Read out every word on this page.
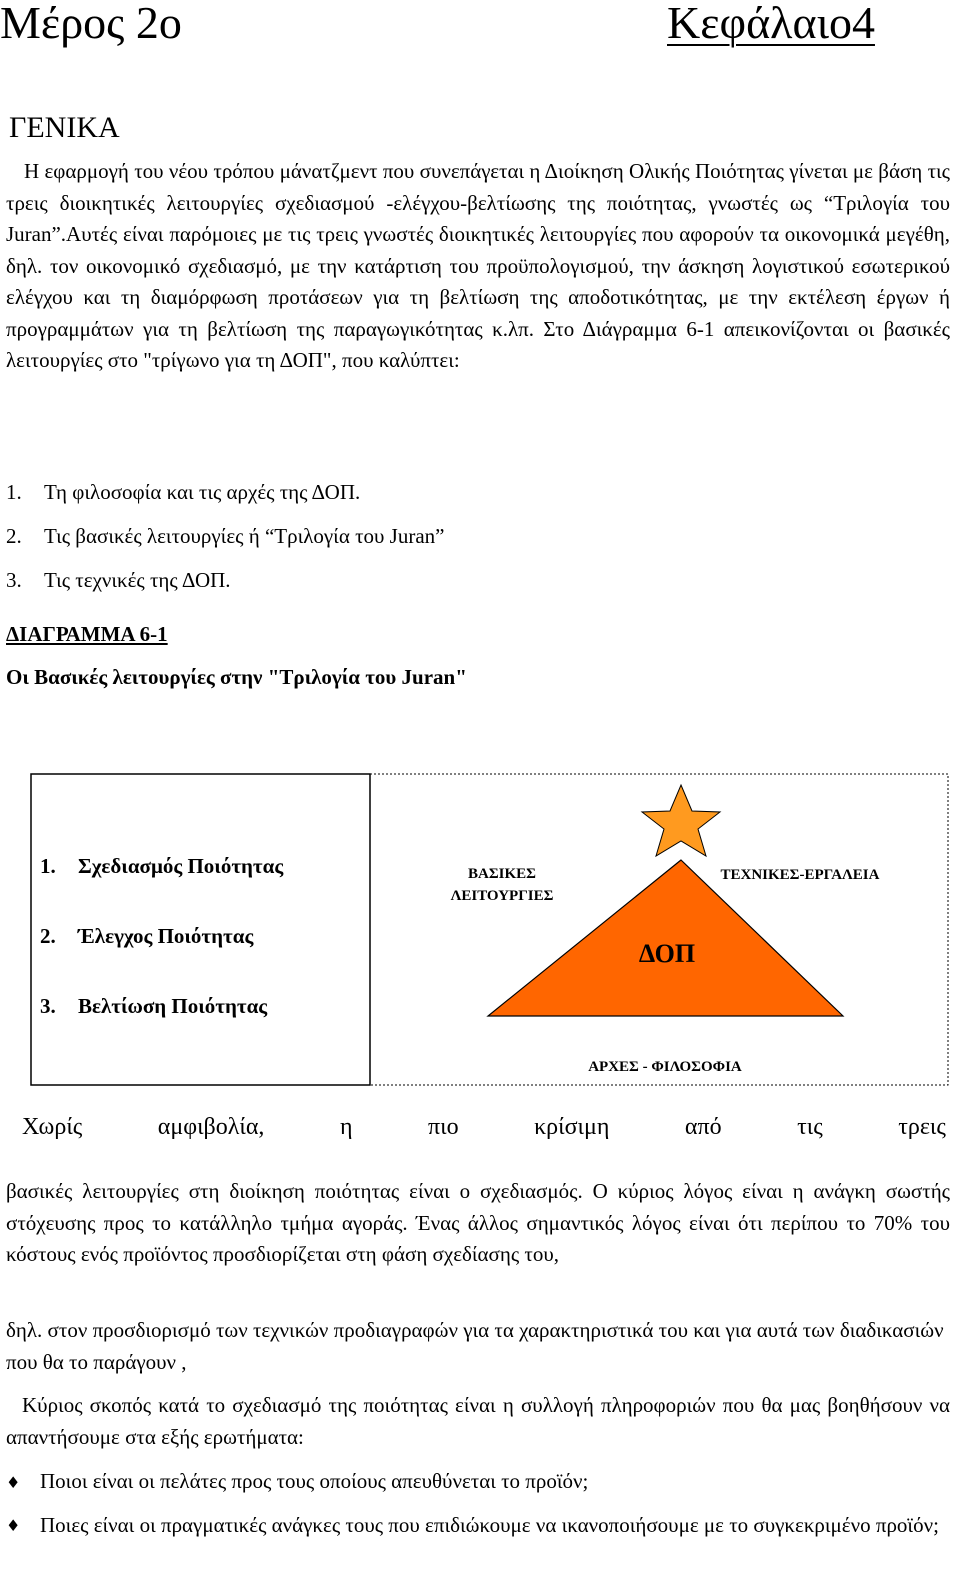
Μέρος 2ο	Κεφάλαιο4
ΓΕΝΙΚΑ

Η εφαρμογή του νέου τρόπου μάνατζμεντ που συνεπάγεται η Διοίκηση Ολικής Ποιότητας γίνεται με βάση τις τρεις διοικητικές λειτουργίες σχεδιασμού -ελέγχου-βελτίωσης της ποιότητας, γνωστές ως “Τριλογία του Juran”.Αυτές είναι παρόμοιες με τις τρεις γνωστές διοικητικές λειτουργίες που αφορούν τα οικονομικά μεγέθη, δηλ. τον οικονομικό σχεδιασμό, με την κατάρτιση του προϋπολογισμού, την άσκηση λογιστικού εσωτερικού ελέγχου και τη διαμόρφωση προτάσεων για τη βελτίωση της αποδοτικότητας, με την εκτέλεση έργων ή προγραμμάτων για τη βελτίωση της παραγωγικότητας κ.λπ. Στο Διάγραμμα 6-1 απεικονίζονται οι βασικές λειτουργίες στο "τρίγωνο για τη ΔΟΠ", που καλύπτει:

1. Τη φιλοσοφία και τις αρχές της ΔΟΠ.
2. Τις βασικές λειτουργίες ή “Τριλογία του Juran”
3. Τις τεχνικές της ΔΟΠ.
ΔΙΑΓΡΑΜΜΑ 6-1
Οι Βασικές λειτουργίες στην "Τριλογία του Juran"
ΒΑΣΙΚΕΣ
ΛΕΙΤΟΥΡΓΙΕΣ
ΤΕΧΝΙΚΕΣ-ΕΡΓΑΛΕΙΑ
ΔΟΠ
ΑΡΧΕΣ - ΦΙΛΟΣΟΦΙΑ
1. Σχεδιασμός Ποιότητας
2. Έλεγχος Ποιότητας
3. Βελτίωση Ποιότητας
Χωρίς	αμφιβολία,	η	πιο	κρίσιμη	από	τις	τρεις

βασικές λειτουργίες στη διοίκηση ποιότητας είναι ο σχεδιασμός. Ο κύριος λόγος είναι η ανάγκη σωστής στόχευσης προς το κατάλληλο τμήμα αγοράς. Ένας άλλος σημαντικός λόγος είναι ότι περίπου το 70% του κόστους ενός προϊόντος προσδιορίζεται στη φάση σχεδίασης του,

δηλ. στον προσδιορισμό των τεχνικών προδιαγραφών για τα χαρακτηριστικά του και για αυτά των διαδικασιών που θα το παράγουν ,

Κύριος σκοπός κατά το σχεδιασμό της ποιότητας είναι η συλλογή πληροφοριών που θα μας βοηθήσουν να απαντήσουμε στα εξής ερωτήματα:

♦ Ποιοι είναι οι πελάτες προς τους οποίους απευθύνεται το προϊόν;
♦ Ποιες είναι οι πραγματικές ανάγκες τους που επιδιώκουμε να ικανοποιήσουμε με το συγκεκριμένο προϊόν;
